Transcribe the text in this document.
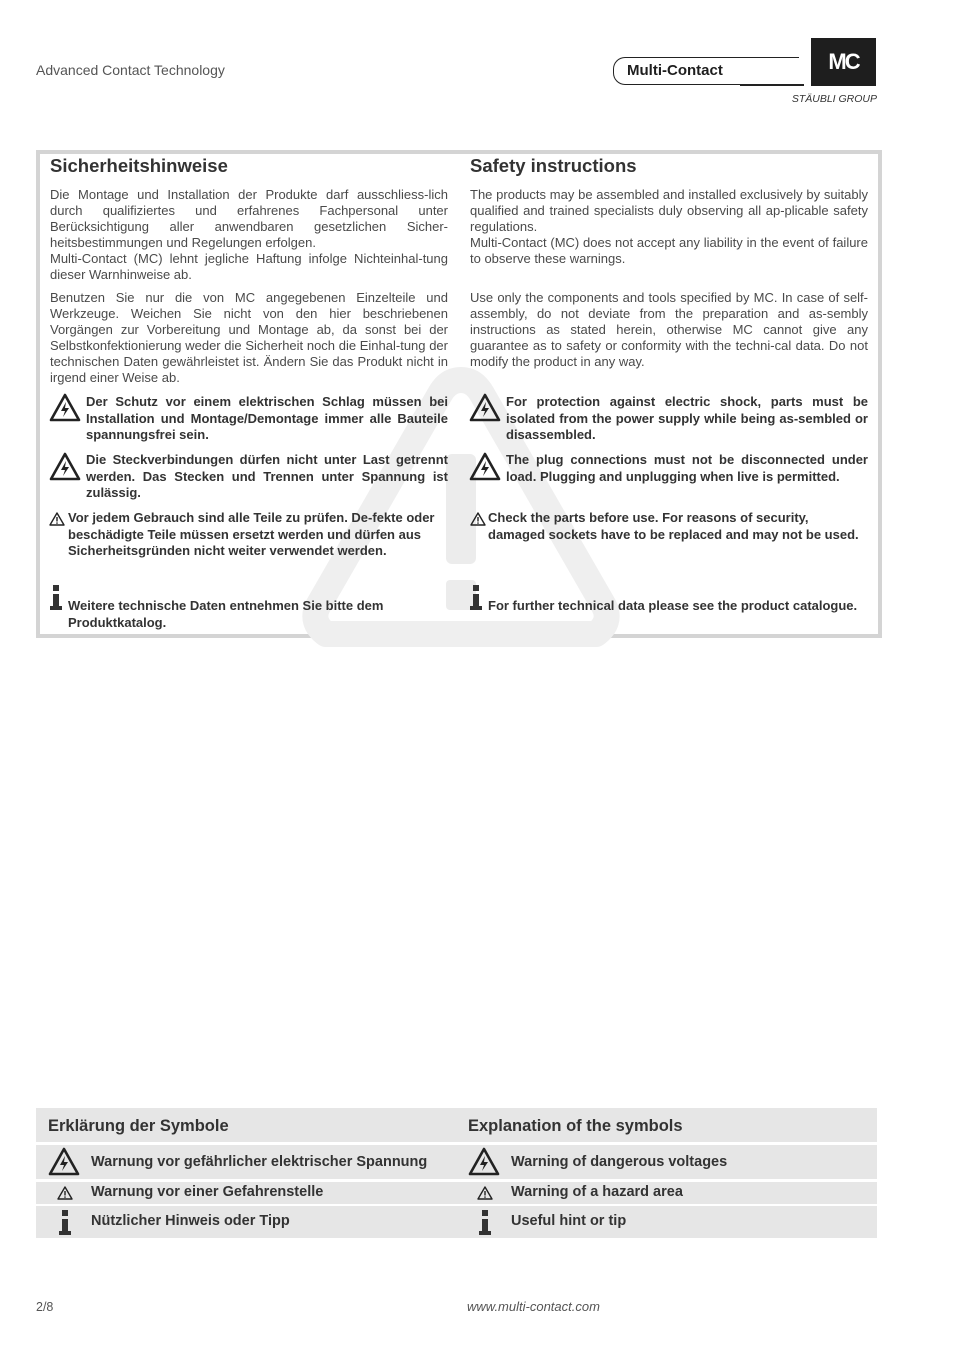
Advanced Contact Technology	Multi-Contact	MC
STÄUBLI GROUP
Sicherheitshinweise

Die Montage und Installation der Produkte darf ausschliess-lich durch qualifiziertes und erfahrenes Fachpersonal unter Berücksichtigung aller anwendbaren gesetzlichen Sicher-heitsbestimmungen und Regelungen erfolgen.

Multi-Contact (MC) lehnt jegliche Haftung infolge Nichteinhal-tung dieser Warnhinweise ab.

Benutzen Sie nur die von MC angegebenen Einzelteile und Werkzeuge. Weichen Sie nicht von den hier beschriebenen Vorgängen zur Vorbereitung und Montage ab, da sonst bei der Selbstkonfektionierung weder die Sicherheit noch die Einhal-tung der technischen Daten gewährleistet ist. Ändern Sie das Produkt nicht in irgend einer Weise ab.

Der Schutz vor einem elektrischen Schlag müssen bei Installation und Montage/Demontage immer alle Bauteile spannungsfrei sein.
Die Steckverbindungen dürfen nicht unter Last getrennt werden. Das Stecken und Trennen unter Spannung ist zulässig.
Vor jedem Gebrauch sind alle Teile zu prüfen. De-fekte oder beschädigte Teile müssen ersetzt werden und dürfen aus Sicherheitsgründen nicht weiter verwendet werden.
Weitere technische Daten entnehmen Sie bitte dem Produktkatalog.
Safety instructions

The products may be assembled and installed exclusively by suitably qualified and trained specialists duly observing all ap-plicable safety regulations.

Multi-Contact (MC) does not accept any liability in the event of failure to observe these warnings.

Use only the components and tools specified by MC. In case of self-assembly, do not deviate from the preparation and as-sembly instructions as stated herein, otherwise MC cannot give any guarantee as to safety or conformity with the techni-cal data. Do not modify the product in any way.

For protection against electric shock, parts must be isolated from the power supply while being as-sembled or disassembled.
The plug connections must not be disconnected under load. Plugging and unplugging when live is permitted.
Check the parts before use. For reasons of security, damaged sockets have to be replaced and may not be used.
For further technical data please see the product catalogue.
Erklärung der Symbole	Explanation of the symbols
Warnung vor gefährlicher elektrischer Spannung	Warning of dangerous voltages
Warnung vor einer Gefahrenstelle	Warning of a hazard area
Nützlicher Hinweis oder Tipp	Useful hint or tip
2/8	www.multi-contact.com
